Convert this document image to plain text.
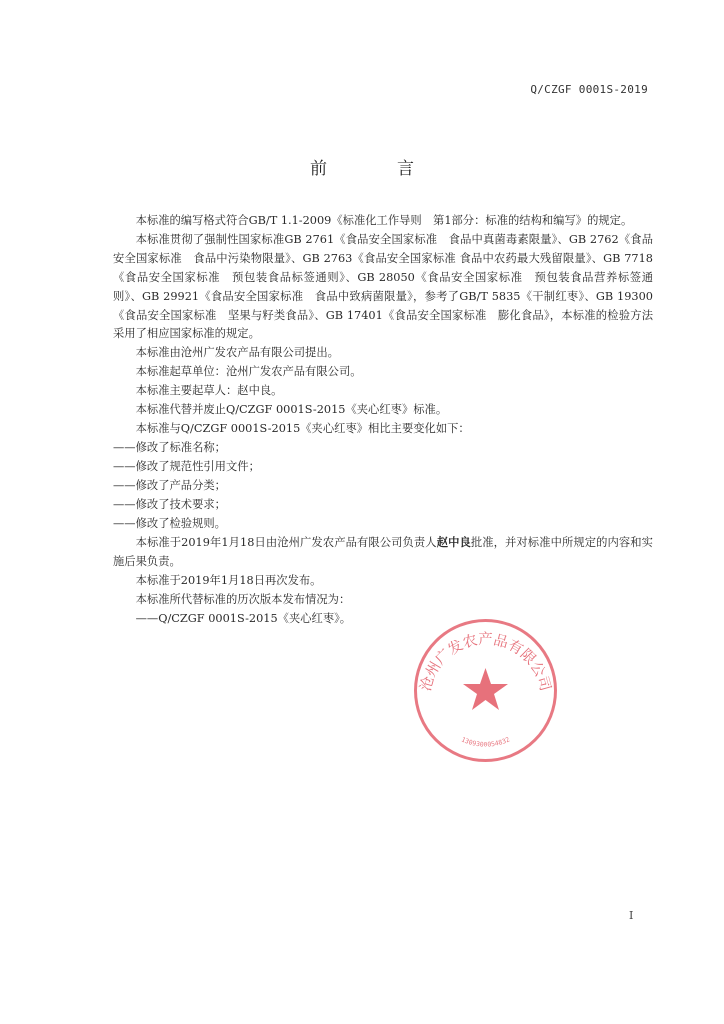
Q/CZGF 0001S-2019
前	言

本标准的编写格式符合GB/T 1.1-2009《标准化工作导则　第1部分：标准的结构和编写》的规定。

本标准贯彻了强制性国家标准GB 2761《食品安全国家标准　食品中真菌毒素限量》、GB 2762《食品安全国家标准　食品中污染物限量》、GB 2763《食品安全国家标准 食品中农药最大残留限量》、GB 7718《食品安全国家标准　预包装食品标签通则》、GB 28050《食品安全国家标准　预包装食品营养标签通则》、GB 29921《食品安全国家标准　食品中致病菌限量》，参考了GB/T 5835《干制红枣》、GB 19300《食品安全国家标准　坚果与籽类食品》、GB 17401《食品安全国家标准　膨化食品》，本标准的检验方法采用了相应国家标准的规定。

本标准由沧州广发农产品有限公司提出。

本标准起草单位：沧州广发农产品有限公司。

本标准主要起草人：赵中良。

本标准代替并废止Q/CZGF 0001S-2015《夹心红枣》标准。

本标准与Q/CZGF 0001S-2015《夹心红枣》相比主要变化如下：

——修改了标准名称；

——修改了规范性引用文件；

——修改了产品分类；

——修改了技术要求；

——修改了检验规则。

本标准于2019年1月18日由沧州广发农产品有限公司负责人赵中良批准，并对标准中所规定的内容和实施后果负责。

本标准于2019年1月18日再次发布。

本标准所代替标准的历次版本发布情况为：

——Q/CZGF 0001S-2015《夹心红枣》。

沧州广发农产品有限公司
1309300054832
I
